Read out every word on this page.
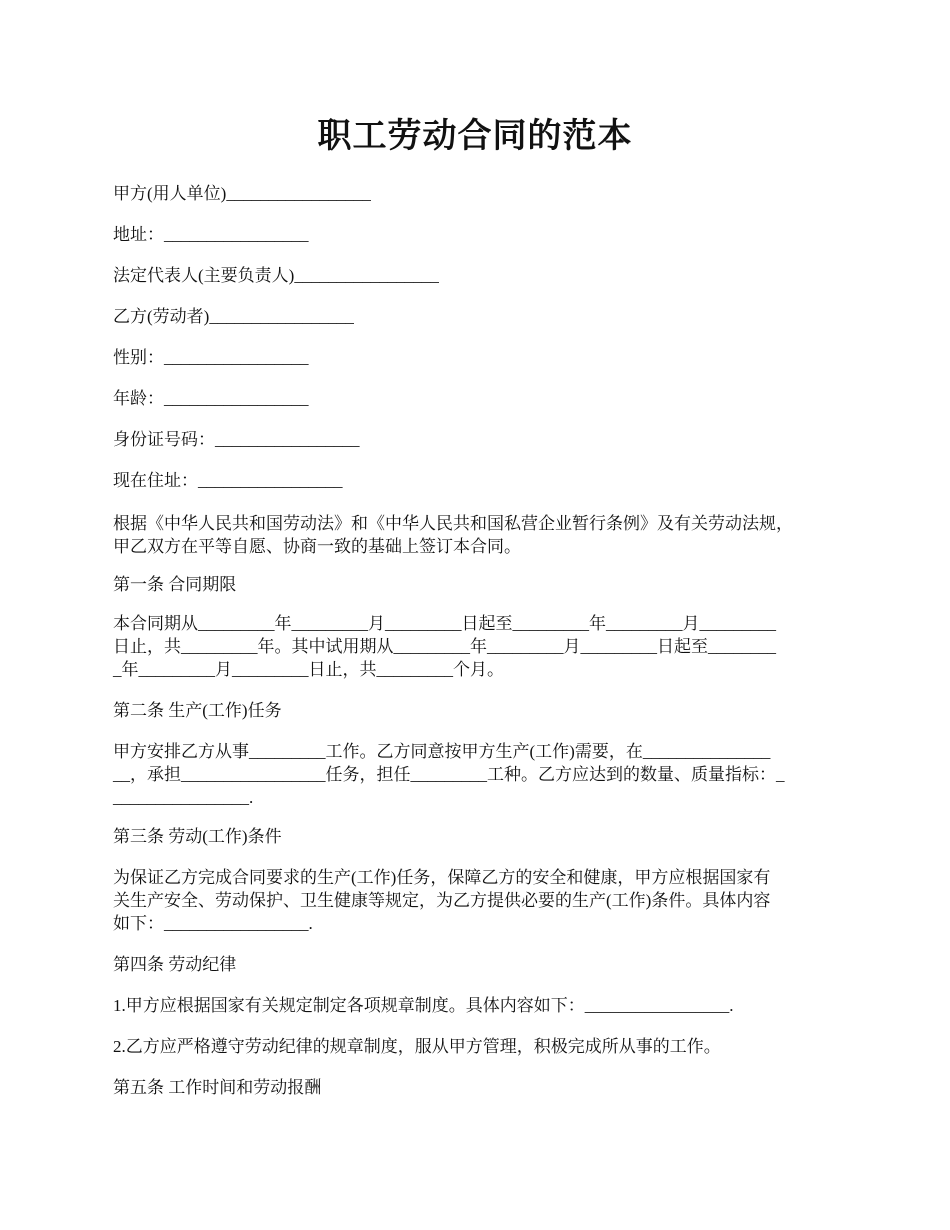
职工劳动合同的范本
甲方(用人单位)_________________
地址：_________________
法定代表人(主要负责人)_________________
乙方(劳动者)_________________
性别：_________________
年龄：_________________
身份证号码：_________________
现在住址：_________________
根据《中华人民共和国劳动法》和《中华人民共和国私营企业暂行条例》及有关劳动法规，
甲乙双方在平等自愿、协商一致的基础上签订本合同。
第一条 合同期限
本合同期从_________年_________月_________日起至_________年_________月_________
日止，共_________年。其中试用期从_________年_________月_________日起至________
_年_________月_________日止，共_________个月。
第二条 生产(工作)任务
甲方安排乙方从事_________工作。乙方同意按甲方生产(工作)需要，在_______________
__，承担_________________任务，担任_________工种。乙方应达到的数量、质量指标：_
________________.
第三条 劳动(工作)条件
为保证乙方完成合同要求的生产(工作)任务，保障乙方的安全和健康，甲方应根据国家有
关生产安全、劳动保护、卫生健康等规定，为乙方提供必要的生产(工作)条件。具体内容
如下：_________________.
第四条 劳动纪律
1.甲方应根据国家有关规定制定各项规章制度。具体内容如下：_________________.
2.乙方应严格遵守劳动纪律的规章制度，服从甲方管理，积极完成所从事的工作。
第五条 工作时间和劳动报酬
